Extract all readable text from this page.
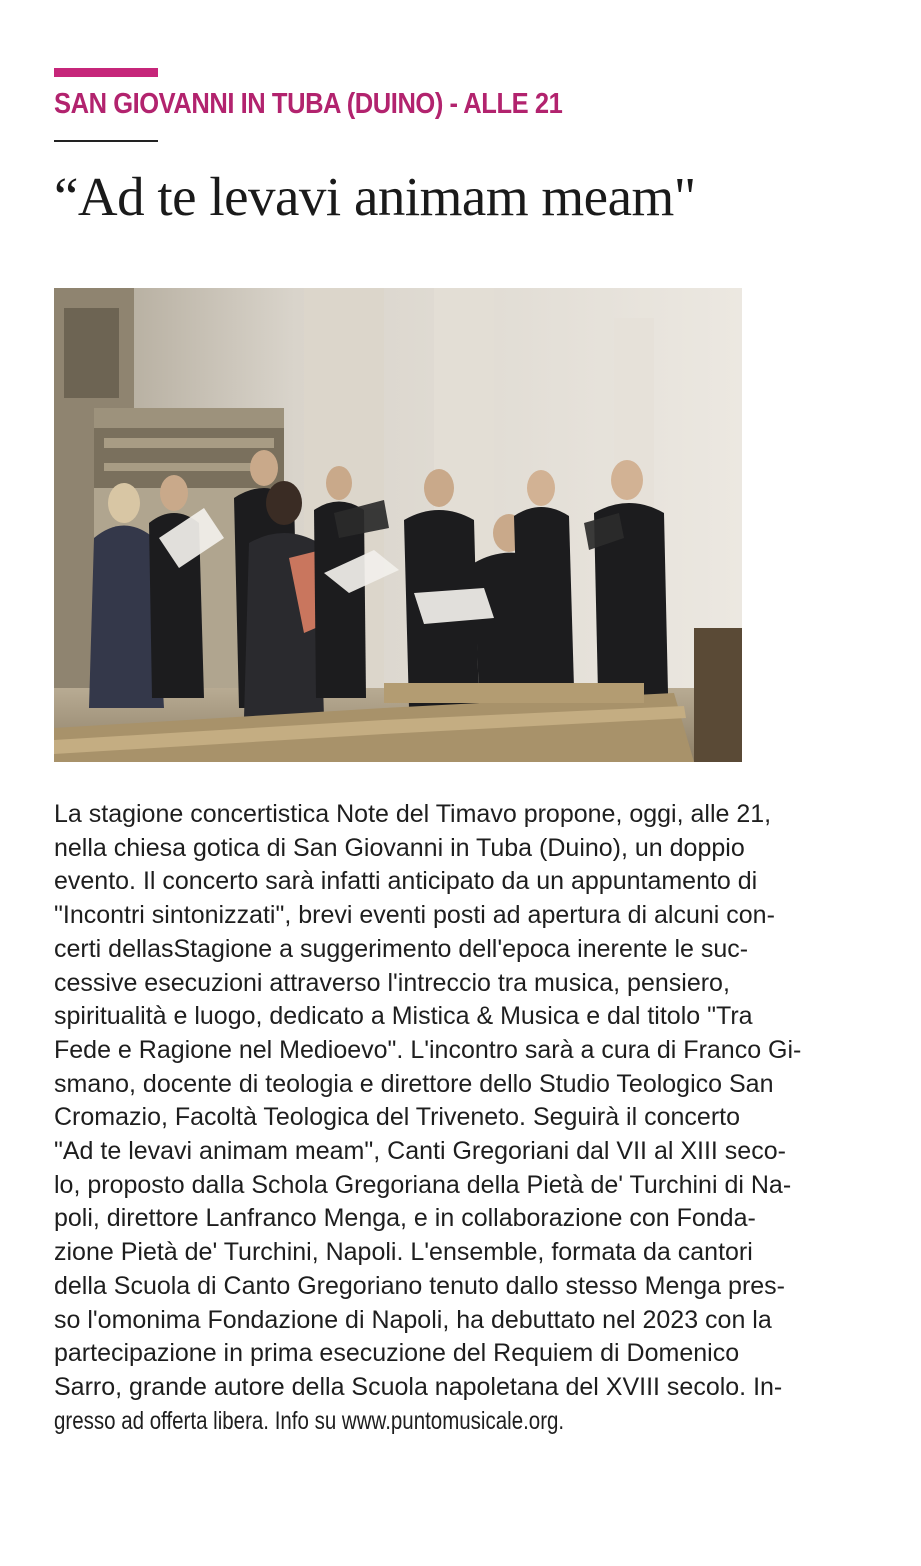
SAN GIOVANNI IN TUBA (DUINO) - ALLE 21
“Ad te levavi animam meam"
La stagione concertistica Note del Timavo propone, oggi, alle 21,
nella chiesa gotica di San Giovanni in Tuba (Duino), un doppio
evento. Il concerto sarà infatti anticipato da un appuntamento di
"Incontri sintonizzati", brevi eventi posti ad apertura di alcuni con-
certi dellasStagione a suggerimento dell'epoca inerente le suc-
cessive esecuzioni attraverso l'intreccio tra musica, pensiero,
spiritualità e luogo, dedicato a Mistica & Musica e dal titolo "Tra
Fede e Ragione nel Medioevo". L'incontro sarà a cura di Franco Gi-
smano, docente di teologia e direttore dello Studio Teologico San
Cromazio, Facoltà Teologica del Triveneto. Seguirà il concerto
"Ad te levavi animam meam", Canti Gregoriani dal VII al XIII seco-
lo, proposto dalla Schola Gregoriana della Pietà de' Turchini di Na-
poli, direttore Lanfranco Menga, e in collaborazione con Fonda-
zione Pietà de' Turchini, Napoli. L'ensemble, formata da cantori
della Scuola di Canto Gregoriano tenuto dallo stesso Menga pres-
so l'omonima Fondazione di Napoli, ha debuttato nel 2023 con la
partecipazione in prima esecuzione del Requiem di Domenico
Sarro, grande autore della Scuola napoletana del XVIII secolo. In-
gresso ad offerta libera. Info su www.puntomusicale.org.
